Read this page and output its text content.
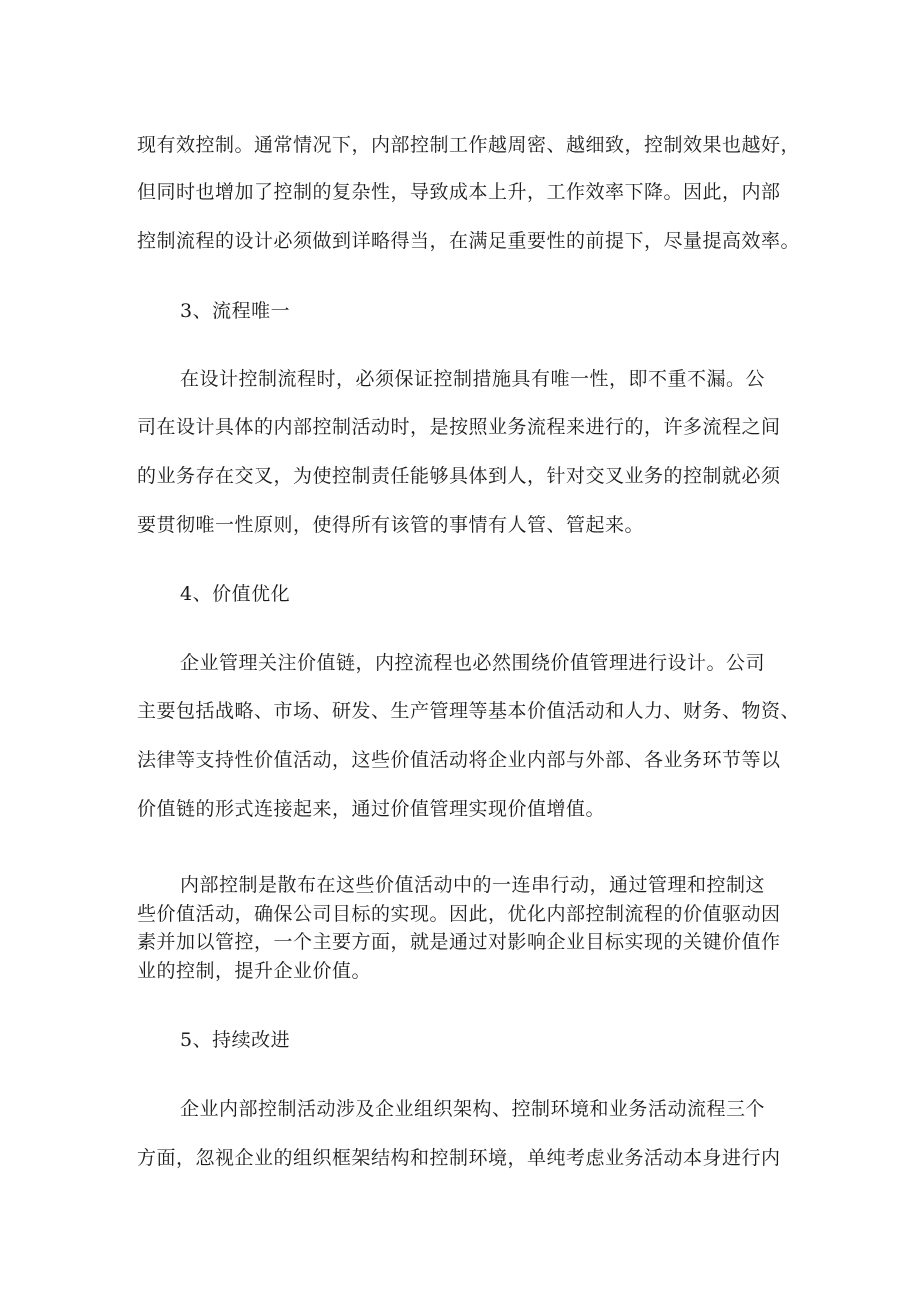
现有效控制。通常情况下，内部控制工作越周密、越细致，控制效果也越好，
但同时也增加了控制的复杂性，导致成本上升，工作效率下降。因此，内部
控制流程的设计必须做到详略得当，在满足重要性的前提下，尽量提高效率。
3、流程唯一
在设计控制流程时，必须保证控制措施具有唯一性，即不重不漏。公
司在设计具体的内部控制活动时，是按照业务流程来进行的，许多流程之间
的业务存在交叉，为使控制责任能够具体到人，针对交叉业务的控制就必须
要贯彻唯一性原则，使得所有该管的事情有人管、管起来。
4、价值优化
企业管理关注价值链，内控流程也必然围绕价值管理进行设计。公司
主要包括战略、市场、研发、生产管理等基本价值活动和人力、财务、物资、
法律等支持性价值活动，这些价值活动将企业内部与外部、各业务环节等以
价值链的形式连接起来，通过价值管理实现价值增值。
内部控制是散布在这些价值活动中的一连串行动，通过管理和控制这
些价值活动，确保公司目标的实现。因此，优化内部控制流程的价值驱动因
素并加以管控，一个主要方面，就是通过对影响企业目标实现的关键价值作
业的控制，提升企业价值。
5、持续改进
企业内部控制活动涉及企业组织架构、控制环境和业务活动流程三个
方面，忽视企业的组织框架结构和控制环境，单纯考虑业务活动本身进行内
